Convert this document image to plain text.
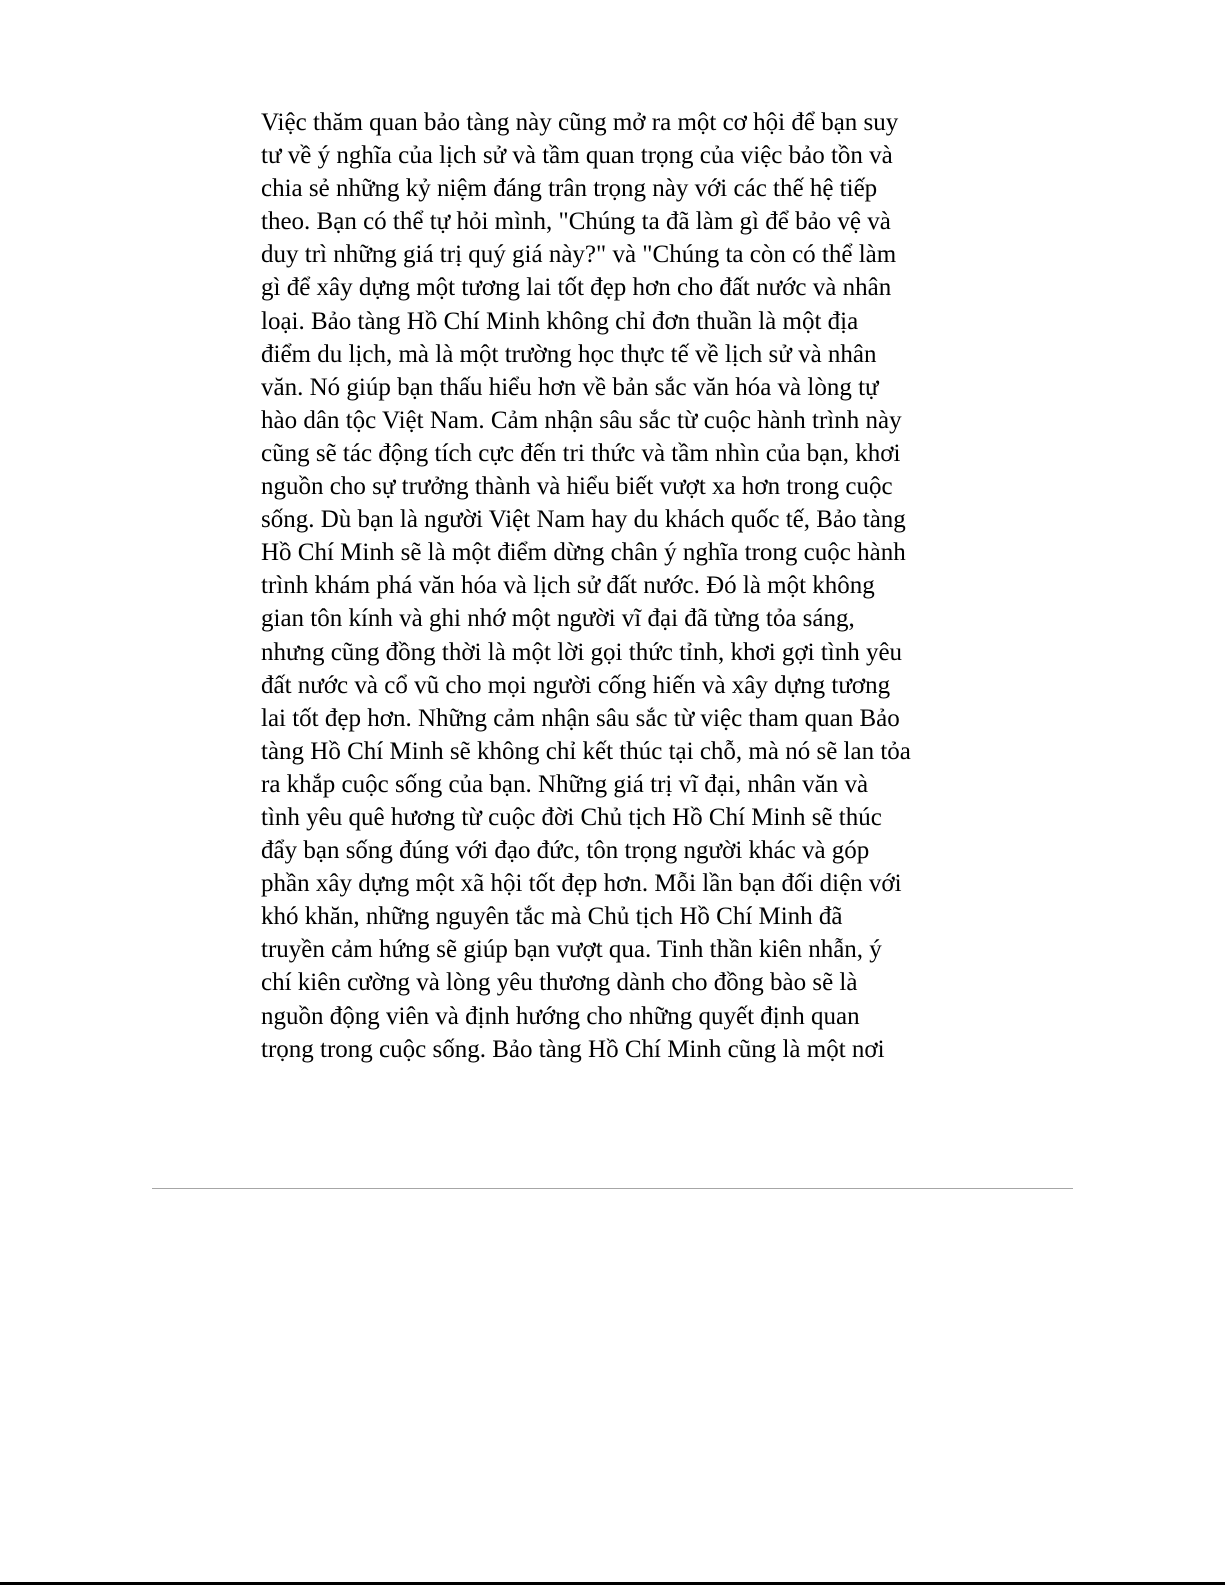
Việc thăm quan bảo tàng này cũng mở ra một cơ hội để bạn suy
tư về ý nghĩa của lịch sử và tầm quan trọng của việc bảo tồn và
chia sẻ những kỷ niệm đáng trân trọng này với các thế hệ tiếp
theo. Bạn có thể tự hỏi mình, "Chúng ta đã làm gì để bảo vệ và
duy trì những giá trị quý giá này?" và "Chúng ta còn có thể làm
gì để xây dựng một tương lai tốt đẹp hơn cho đất nước và nhân
loại. Bảo tàng Hồ Chí Minh không chỉ đơn thuần là một địa
điểm du lịch, mà là một trường học thực tế về lịch sử và nhân
văn. Nó giúp bạn thấu hiểu hơn về bản sắc văn hóa và lòng tự
hào dân tộc Việt Nam. Cảm nhận sâu sắc từ cuộc hành trình này
cũng sẽ tác động tích cực đến tri thức và tầm nhìn của bạn, khơi
nguồn cho sự trưởng thành và hiểu biết vượt xa hơn trong cuộc
sống. Dù bạn là người Việt Nam hay du khách quốc tế, Bảo tàng
Hồ Chí Minh sẽ là một điểm dừng chân ý nghĩa trong cuộc hành
trình khám phá văn hóa và lịch sử đất nước. Đó là một không
gian tôn kính và ghi nhớ một người vĩ đại đã từng tỏa sáng,
nhưng cũng đồng thời là một lời gọi thức tỉnh, khơi gợi tình yêu
đất nước và cổ vũ cho mọi người cống hiến và xây dựng tương
lai tốt đẹp hơn. Những cảm nhận sâu sắc từ việc tham quan Bảo
tàng Hồ Chí Minh sẽ không chỉ kết thúc tại chỗ, mà nó sẽ lan tỏa
ra khắp cuộc sống của bạn. Những giá trị vĩ đại, nhân văn và
tình yêu quê hương từ cuộc đời Chủ tịch Hồ Chí Minh sẽ thúc
đẩy bạn sống đúng với đạo đức, tôn trọng người khác và góp
phần xây dựng một xã hội tốt đẹp hơn. Mỗi lần bạn đối diện với
khó khăn, những nguyên tắc mà Chủ tịch Hồ Chí Minh đã
truyền cảm hứng sẽ giúp bạn vượt qua. Tinh thần kiên nhẫn, ý
chí kiên cường và lòng yêu thương dành cho đồng bào sẽ là
nguồn động viên và định hướng cho những quyết định quan
trọng trong cuộc sống. Bảo tàng Hồ Chí Minh cũng là một nơi
